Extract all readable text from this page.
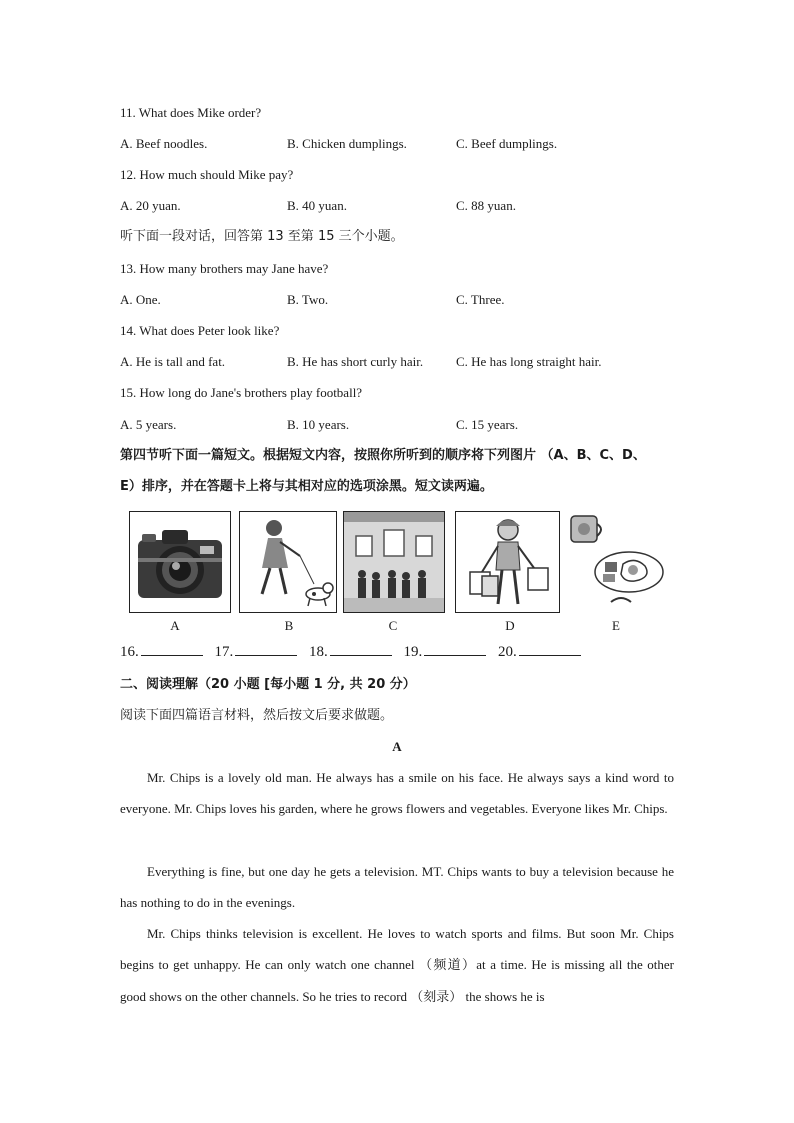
11. What does Mike order?
A. Beef noodles.	B. Chicken dumplings.	C. Beef dumplings.
12. How much should Mike pay?
A. 20 yuan.	B. 40 yuan.	C. 88 yuan.
听下面一段对话，回答第 13 至第 15 三个小题。
13. How many brothers may Jane have?
A. One.	B. Two.	C. Three.
14. What does Peter look like?
A. He is tall and fat.	B. He has short curly hair.	C. He has long straight hair.
15. How long do Jane's brothers play football?
A. 5 years.	B. 10 years.	C. 15 years.
第四节听下面一篇短文。根据短文内容，按照你所听到的顺序将下列图片 （A、B、C、D、
E）排序，并在答题卡上将与其相对应的选项涂黑。短文读两遍。
A	B	C	D	E
16.	17.	18.	19.	20.
二、阅读理解（20 小题 [每小题 1 分, 共 20 分）
阅读下面四篇语言材料，然后按文后要求做题。
A
Mr. Chips is a lovely old man. He always has a smile on his face. He always says a kind word to everyone. Mr. Chips loves his garden, where he grows flowers and vegetables. Everyone likes Mr. Chips.
Everything is fine, but one day he gets a television. MT. Chips wants to buy a television because he has nothing to do in the evenings.
Mr. Chips thinks television is excellent. He loves to watch sports and films. But soon Mr. Chips begins to get unhappy. He can only watch one channel （频道）at a time. He is missing all the other good shows on the other channels. So he tries to record （刻录） the shows he is
